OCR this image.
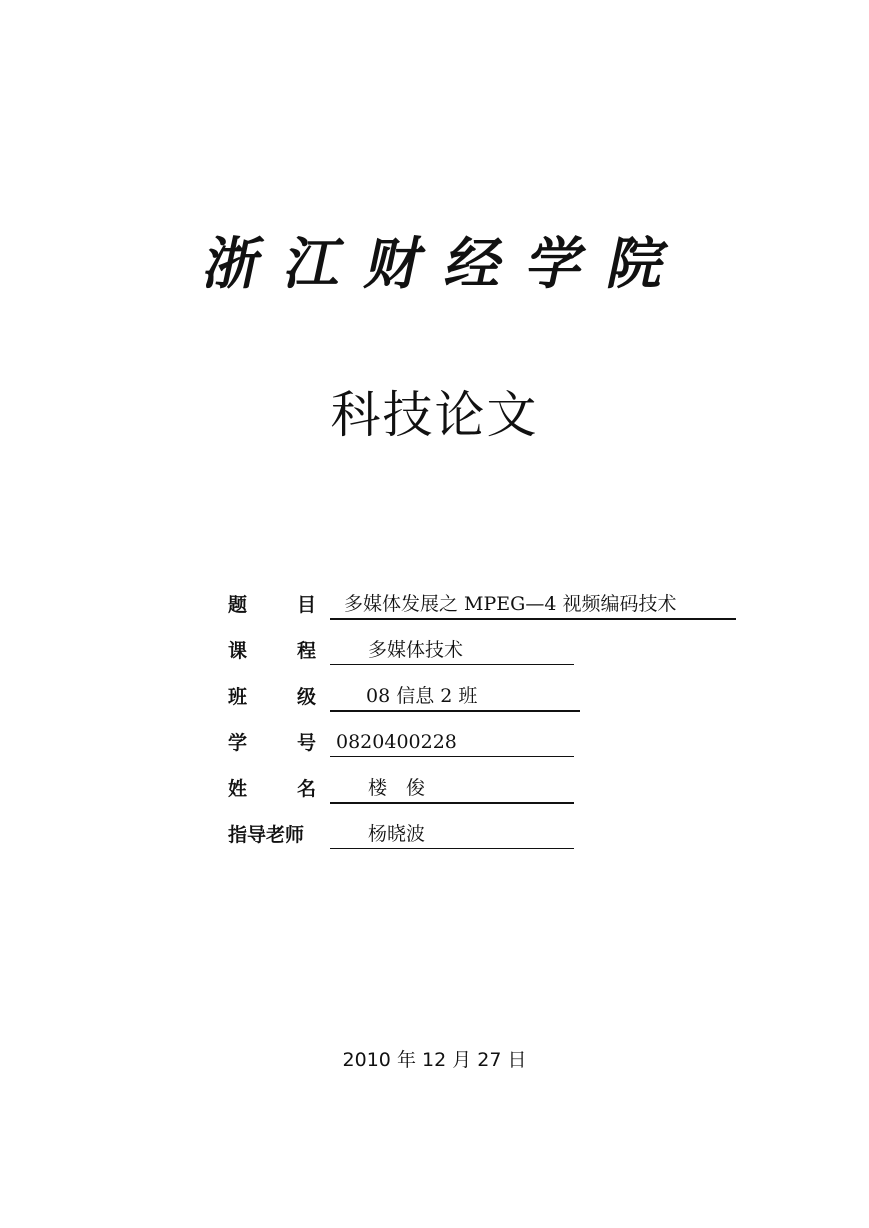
浙 江 财 经 学 院
科技论文
题	目	多媒体发展之 MPEG—4 视频编码技术
课	程	多媒体技术
班	级	08 信息 2 班
学	号	0820400228
姓	名	楼　俊
指导老师	杨晓波
2010 年 12 月 27 日
